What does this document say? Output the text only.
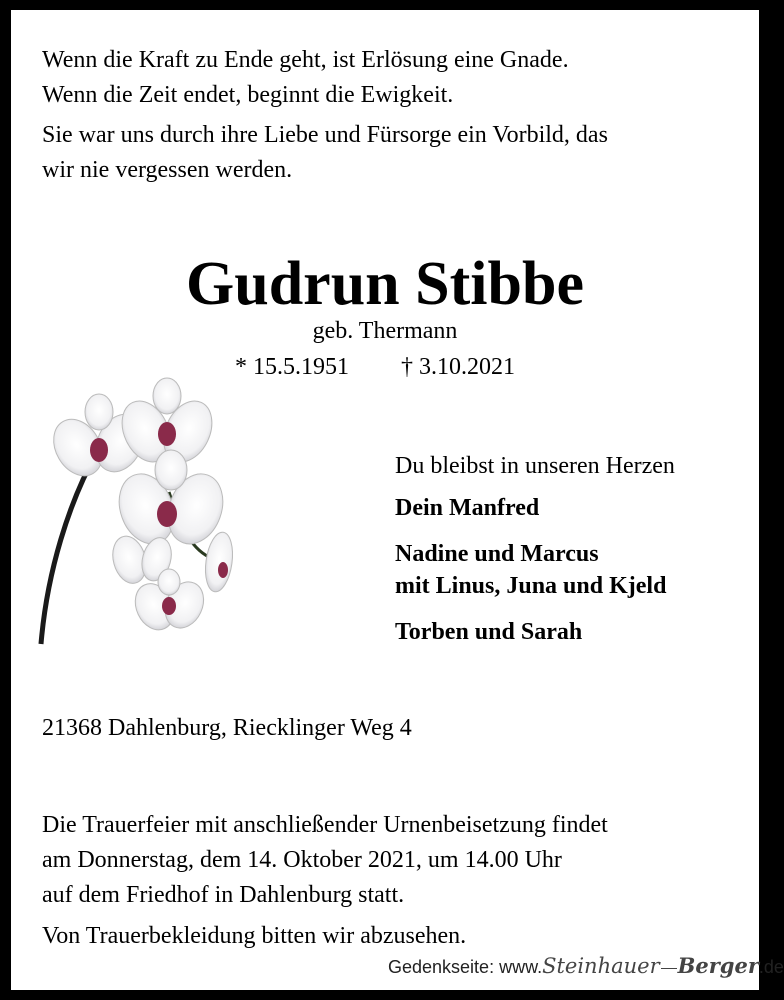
Wenn die Kraft zu Ende geht, ist Erlösung eine Gnade.
Wenn die Zeit endet, beginnt die Ewigkeit.

Sie war uns durch ihre Liebe und Fürsorge ein Vorbild, das
wir nie vergessen werden.

Gudrun Stibbe
geb. Thermann
* 15.5.1951 † 3.10.2021
Du bleibst in unseren Herzen
Dein Manfred
Nadine und Marcus
mit Linus, Juna und Kjeld
Torben und Sarah
21368 Dahlenburg, Riecklinger Weg 4

Die Trauerfeier mit anschließender Urnenbeisetzung findet
am Donnerstag, dem 14. Oktober 2021, um 14.00 Uhr
auf dem Friedhof in Dahlenburg statt.

Von Trauerbekleidung bitten wir abzusehen.

Gedenkseite: www.Steinhauer Berger.de
